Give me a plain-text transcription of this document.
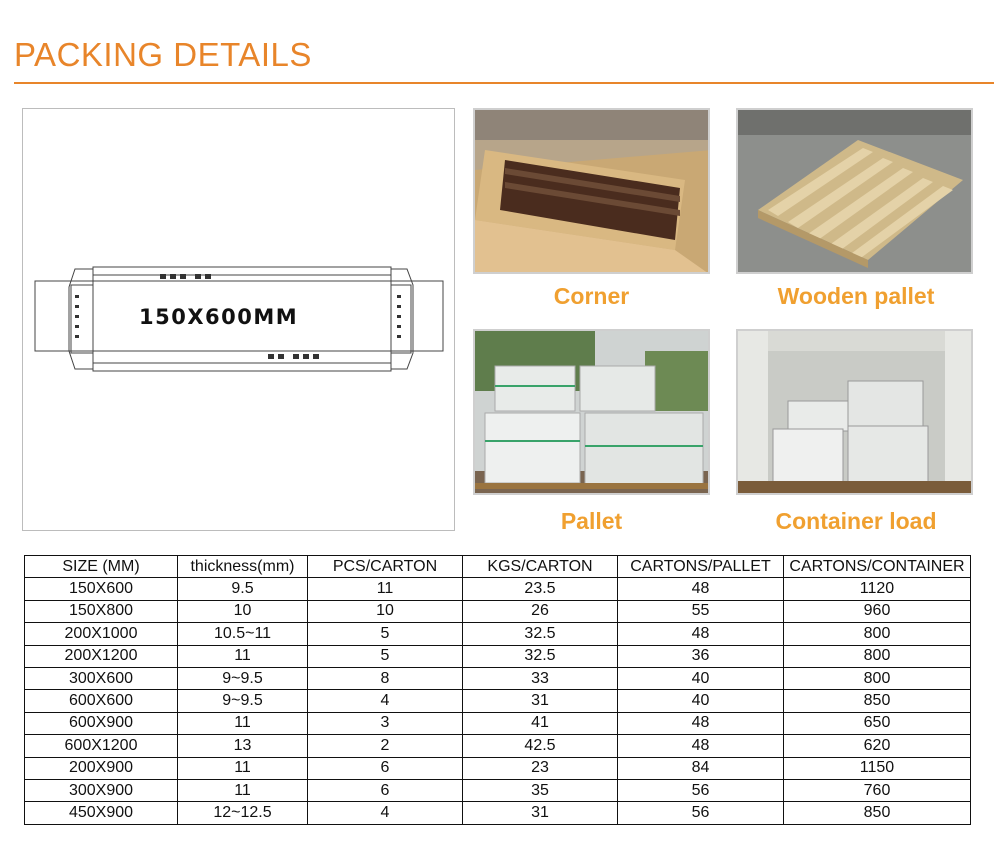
PACKING DETAILS
150X600MM
Corner	Wooden pallet
Pallet	Container load
SIZE (MM)	thickness(mm)	PCS/CARTON	KGS/CARTON	CARTONS/PALLET	CARTONS/CONTAINER
150X600	9.5	11	23.5	48	1120
150X800	10	10	26	55	960
200X1000	10.5~11	5	32.5	48	800
200X1200	11	5	32.5	36	800
300X600	9~9.5	8	33	40	800
600X600	9~9.5	4	31	40	850
600X900	11	3	41	48	650
600X1200	13	2	42.5	48	620
200X900	11	6	23	84	1150
300X900	11	6	35	56	760
450X900	12~12.5	4	31	56	850
